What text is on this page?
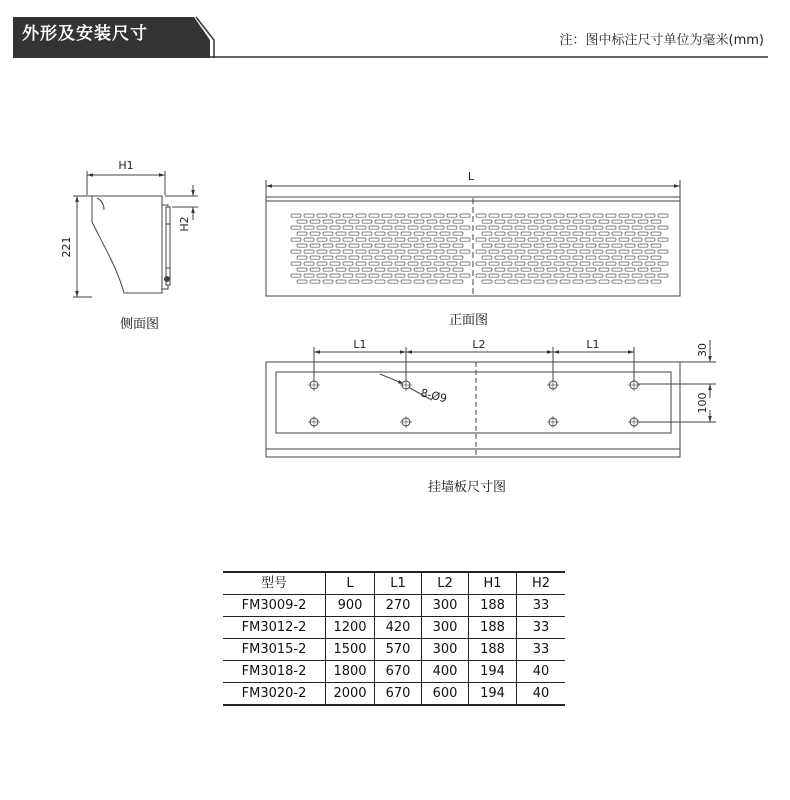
外形及安装尺寸	注：图中标注尺寸单位为毫米(mm)
H1
221
H2
L
L1	L2	L1	30
100
8-Ø9
侧面图	正面图
挂墙板尺寸图
型号	L	L1	L2	H1	H2
FM3009-2	900	270	300	188	33
FM3012-2	1200	420	300	188	33
FM3015-2	1500	570	300	188	33
FM3018-2	1800	670	400	194	40
FM3020-2	2000	670	600	194	40
